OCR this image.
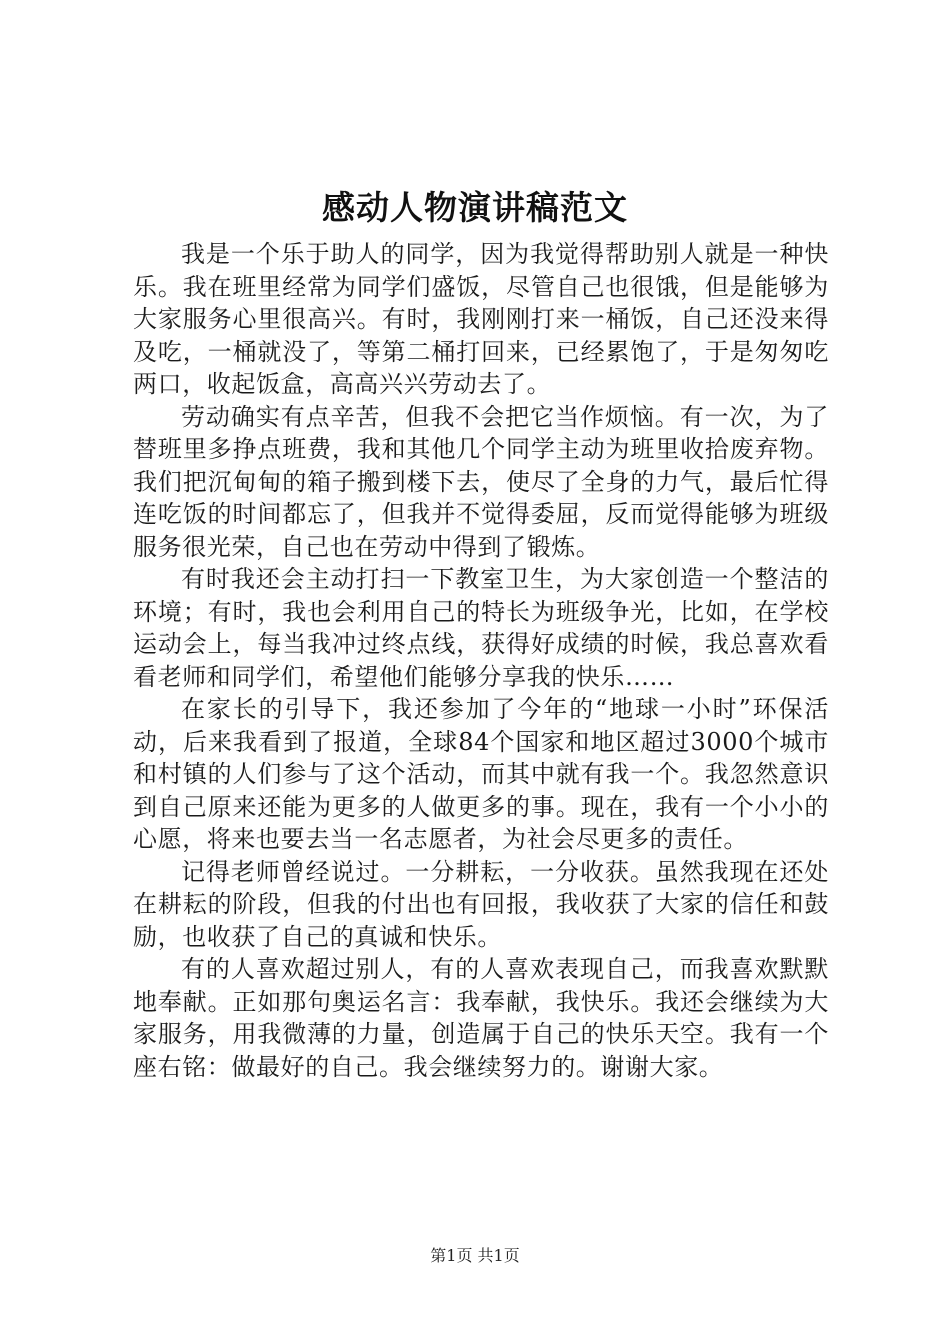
感动人物演讲稿范文

我是一个乐于助人的同学，因为我觉得帮助别人就是一种快乐。我在班里经常为同学们盛饭，尽管自己也很饿，但是能够为大家服务心里很高兴。有时，我刚刚打来一桶饭，自己还没来得及吃，一桶就没了，等第二桶打回来，已经累饱了，于是匆匆吃两口，收起饭盒，高高兴兴劳动去了。

劳动确实有点辛苦，但我不会把它当作烦恼。有一次，为了替班里多挣点班费，我和其他几个同学主动为班里收拾废弃物。我们把沉甸甸的箱子搬到楼下去，使尽了全身的力气，最后忙得连吃饭的时间都忘了，但我并不觉得委屈，反而觉得能够为班级服务很光荣，自己也在劳动中得到了锻炼。

有时我还会主动打扫一下教室卫生，为大家创造一个整洁的环境；有时，我也会利用自己的特长为班级争光，比如，在学校运动会上，每当我冲过终点线，获得好成绩的时候，我总喜欢看看老师和同学们，希望他们能够分享我的快乐……

在家长的引导下，我还参加了今年的“地球一小时”环保活动，后来我看到了报道，全球84个国家和地区超过3000个城市和村镇的人们参与了这个活动，而其中就有我一个。我忽然意识到自己原来还能为更多的人做更多的事。现在，我有一个小小的心愿，将来也要去当一名志愿者，为社会尽更多的责任。

记得老师曾经说过。一分耕耘，一分收获。虽然我现在还处在耕耘的阶段，但我的付出也有回报，我收获了大家的信任和鼓励，也收获了自己的真诚和快乐。

有的人喜欢超过别人，有的人喜欢表现自己，而我喜欢默默地奉献。正如那句奥运名言：我奉献，我快乐。我还会继续为大家服务，用我微薄的力量，创造属于自己的快乐天空。我有一个座右铭：做最好的自己。我会继续努力的。谢谢大家。

第1页 共1页
